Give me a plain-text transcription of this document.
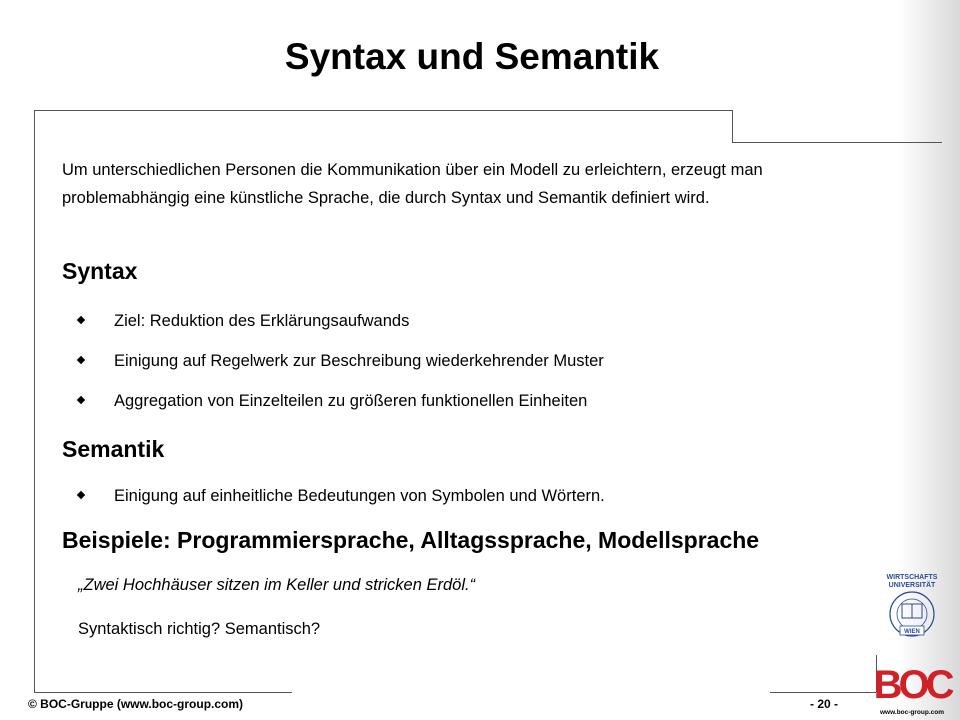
Syntax und Semantik

Um unterschiedlichen Personen die Kommunikation über ein Modell zu erleichtern, erzeugt man problemabhängig eine künstliche Sprache, die durch Syntax und Semantik definiert wird.

Syntax
Ziel: Reduktion des Erklärungsaufwands
Einigung auf Regelwerk zur Beschreibung wiederkehrender Muster
Aggregation von Einzelteilen zu größeren funktionellen Einheiten
Semantik
Einigung auf einheitliche Bedeutungen von Symbolen und Wörtern.
Beispiele: Programmiersprache, Alltagssprache, Modellsprache
„Zwei Hochhäuser sitzen im Keller und stricken Erdöl.“
Syntaktisch richtig? Semantisch?
© BOC-Gruppe (www.boc-group.com)	- 20 -
WIRTSCHAFTS
UNIVERSITÄT
WIEN
BOC
www.boc-group.com
